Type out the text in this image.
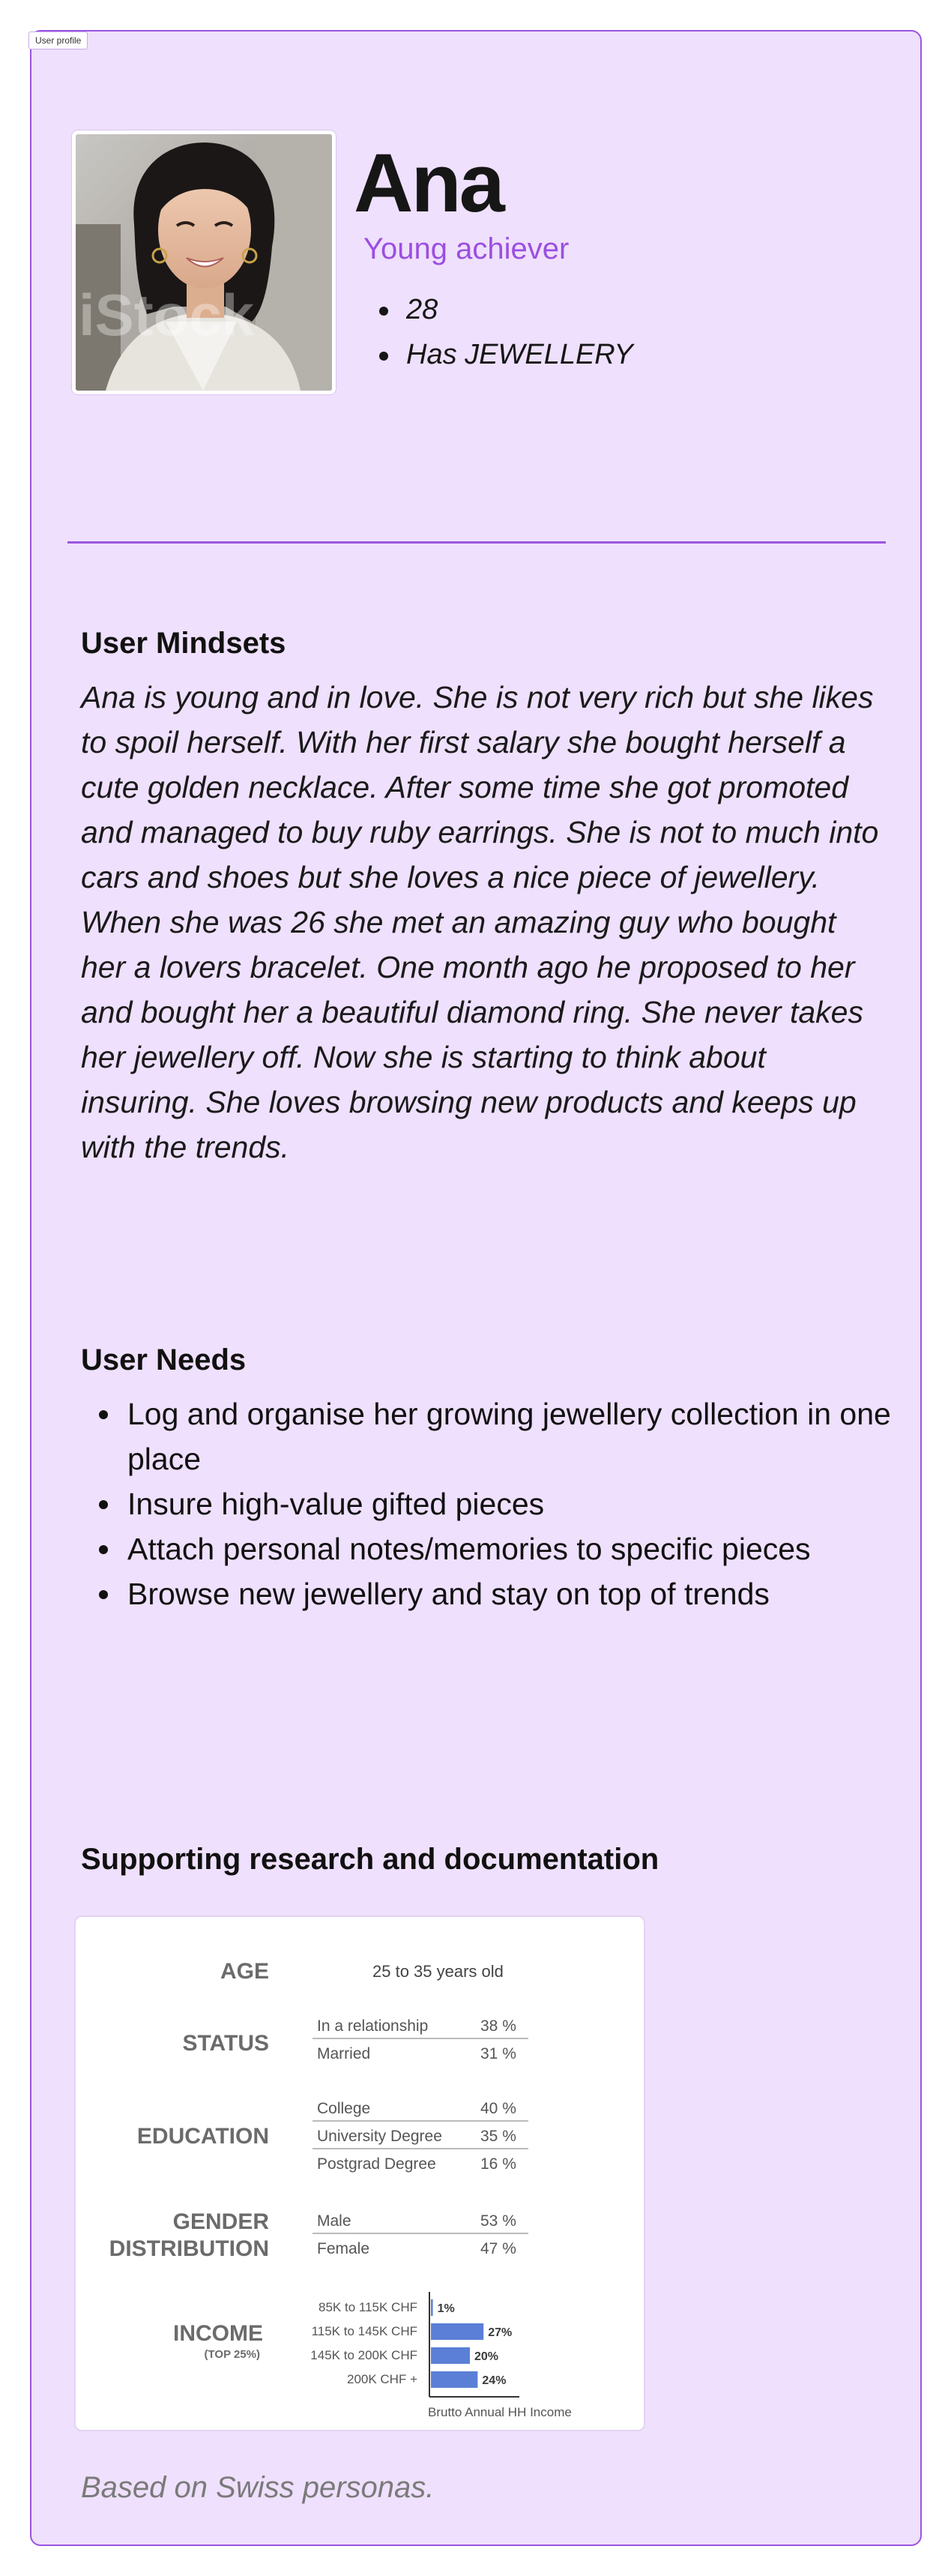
User profile
iStock
Ana
Young achiever
28
Has JEWELLERY
User Mindsets

Ana is young and in love. She is not very rich but she likes to spoil herself. With her first salary she bought herself a cute golden necklace. After some time she got promoted and managed to buy ruby earrings. She is not to much into cars and shoes but she loves a nice piece of jewellery. When she was 26 she met an amazing guy who bought her a lovers bracelet. One month ago he proposed to her and bought her a beautiful diamond ring. She never takes her jewellery off. Now she is starting to think about insuring. She loves browsing new products and keeps up with the trends.

User Needs
Log and organise her growing jewellery collection in one place
Insure high-value gifted pieces
Attach personal notes/memories to specific pieces
Browse new jewellery and stay on top of trends
Supporting research and documentation
AGE	25 to 35 years old
STATUS
In a relationship	38 %
Married	31 %
EDUCATION
College	40 %
University Degree 35 %
Postgrad Degree	16 %
GENDER
DISTRIBUTION
Male	53 %
Female	47 %
INCOME
(TOP 25%)
85K to 115K CHF 1%
115K to 145K CHF	27%
145K to 200K CHF	20%
200K CHF +	24%
Brutto Annual HH Income
Based on Swiss personas.
